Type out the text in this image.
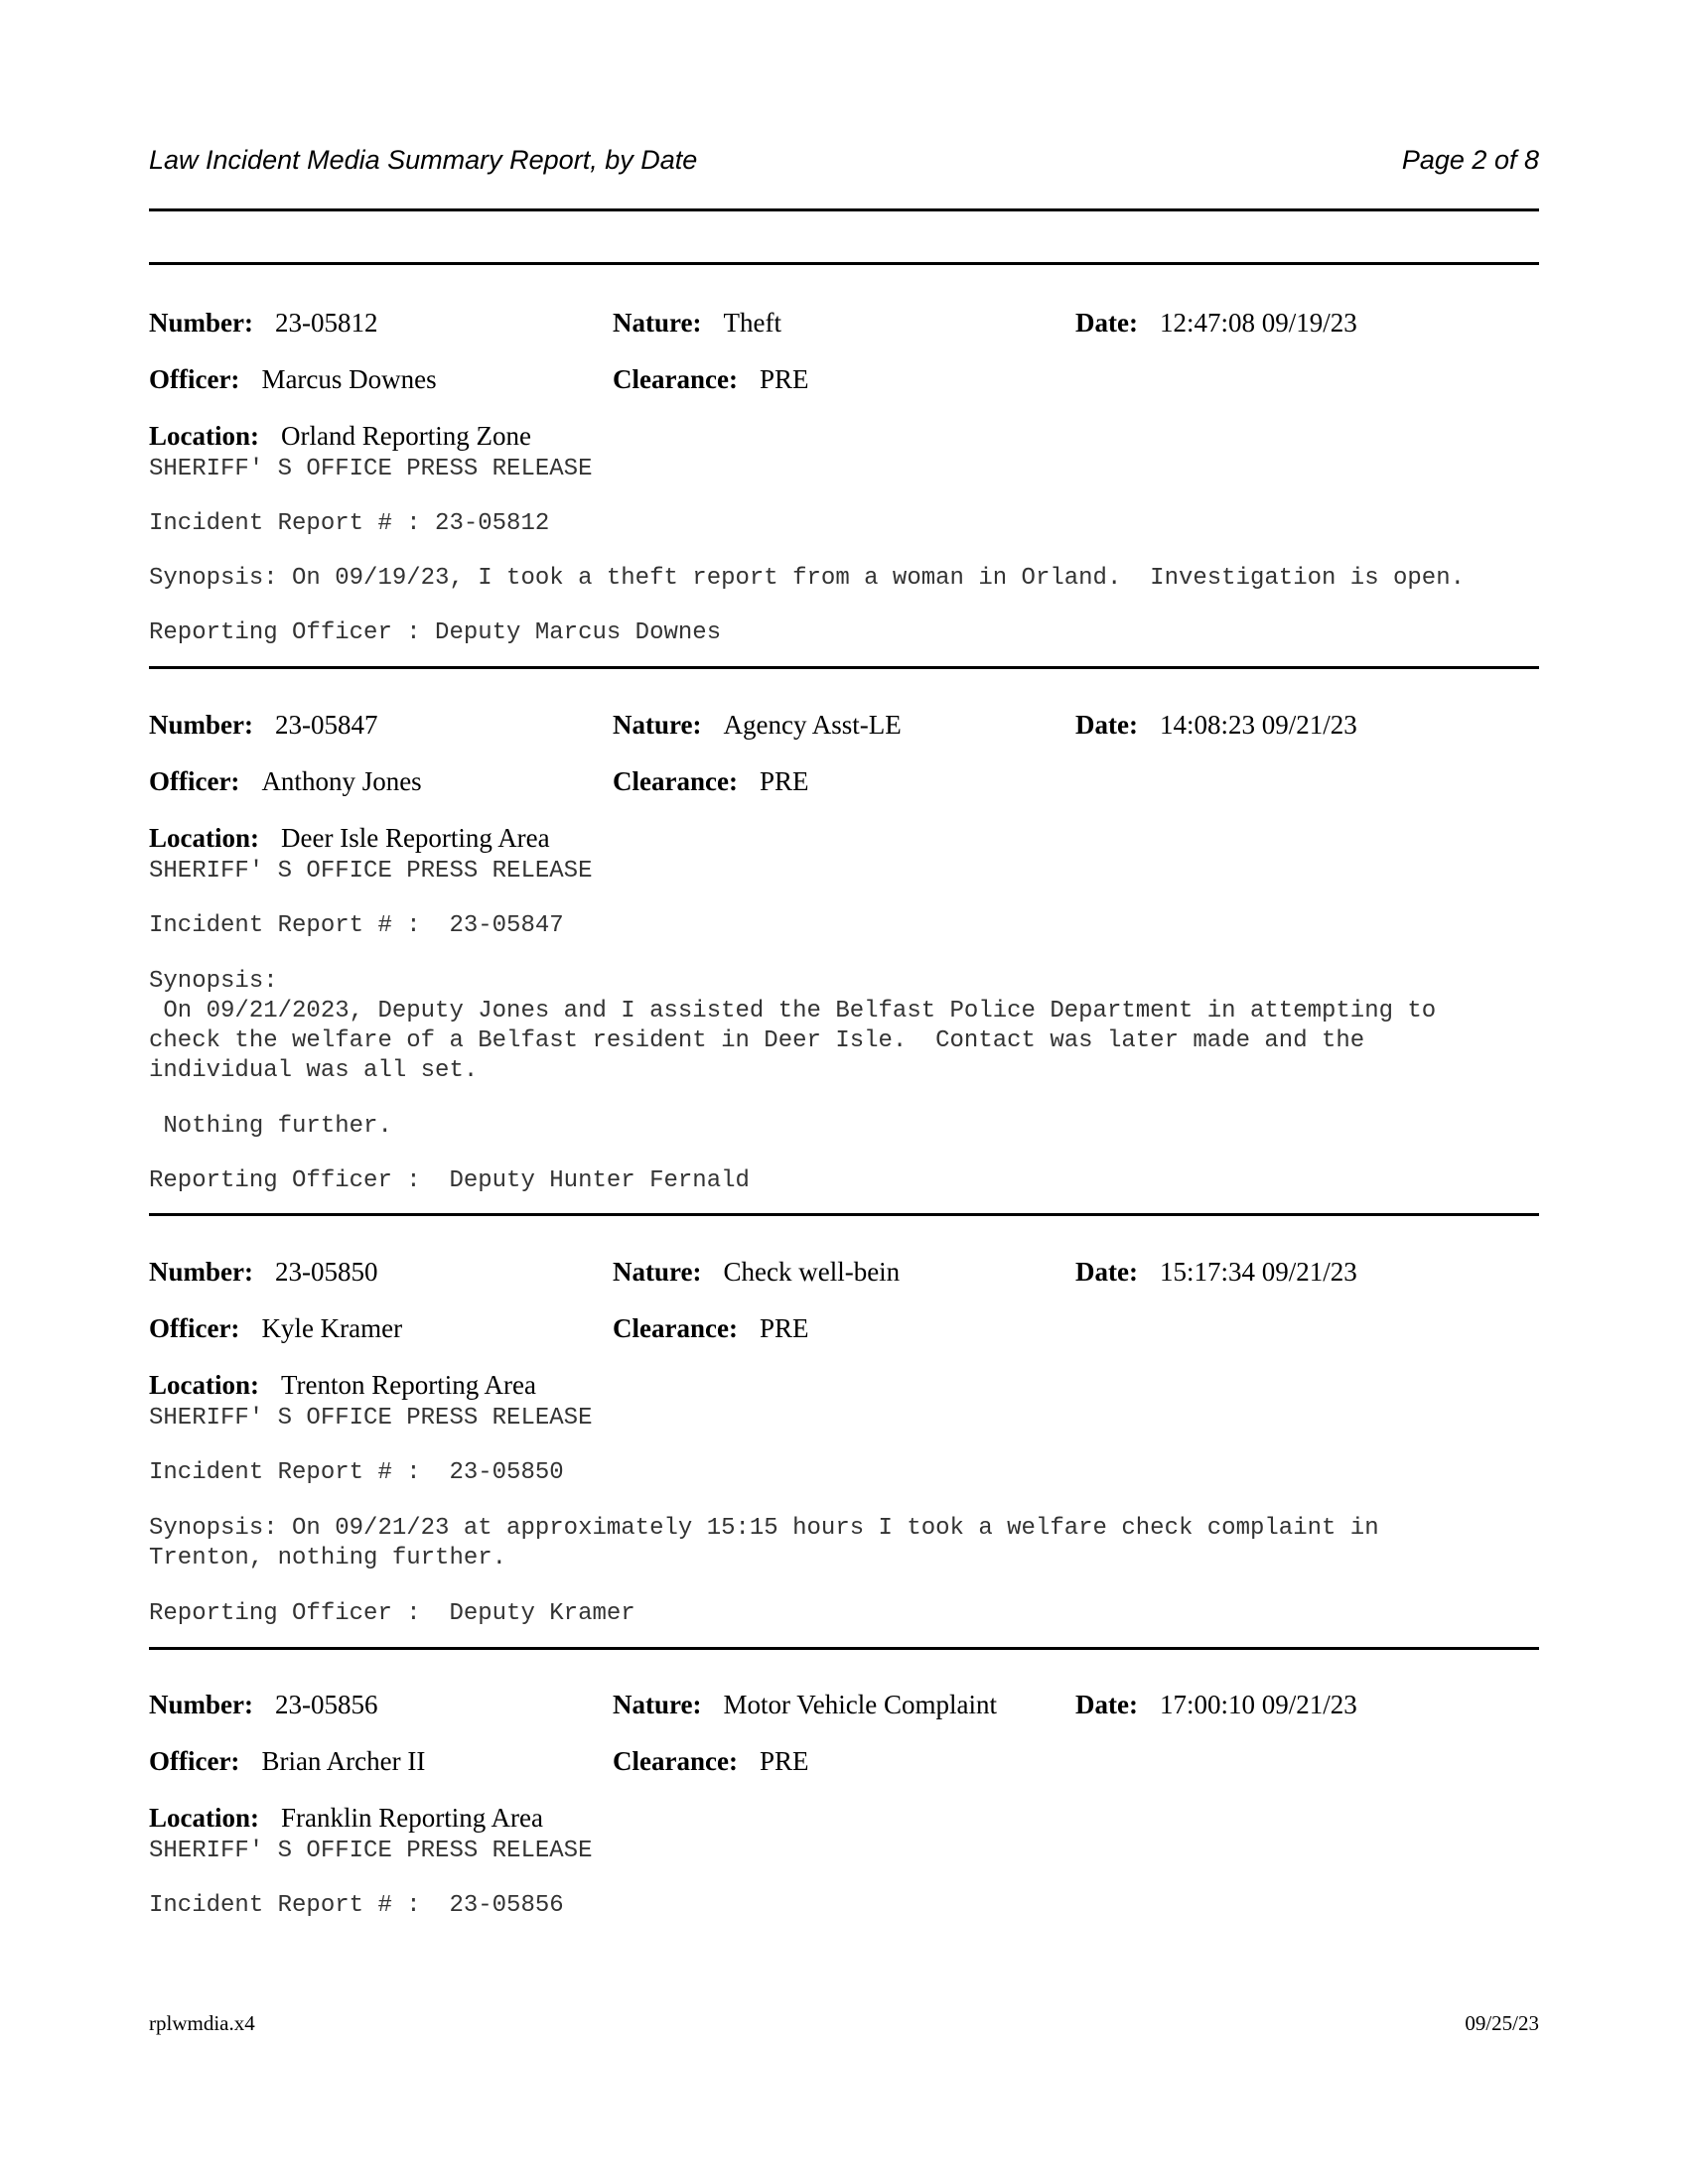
Law Incident Media Summary Report, by Date	Page 2 of 8
Number: 23-05812	Nature: Theft	Date: 12:47:08 09/19/23
Officer: Marcus Downes	Clearance: PRE
Location: Orland Reporting Zone
SHERIFF' S OFFICE PRESS RELEASE
Incident Report # : 23-05812
Synopsis: On 09/19/23, I took a theft report from a woman in Orland.  Investigation is open.
Reporting Officer : Deputy Marcus Downes
Number: 23-05847	Nature: Agency Asst-LE	Date: 14:08:23 09/21/23
Officer: Anthony Jones	Clearance: PRE
Location: Deer Isle Reporting Area
SHERIFF' S OFFICE PRESS RELEASE
Incident Report # :  23-05847
Synopsis:
On 09/21/2023, Deputy Jones and I assisted the Belfast Police Department in attempting to
check the welfare of a Belfast resident in Deer Isle.  Contact was later made and the
individual was all set.
Nothing further.
Reporting Officer :  Deputy Hunter Fernald
Number: 23-05850	Nature: Check well-bein	Date: 15:17:34 09/21/23
Officer: Kyle Kramer	Clearance: PRE
Location: Trenton Reporting Area
SHERIFF' S OFFICE PRESS RELEASE
Incident Report # :  23-05850
Synopsis: On 09/21/23 at approximately 15:15 hours I took a welfare check complaint in
Trenton, nothing further.
Reporting Officer :  Deputy Kramer
Number: 23-05856	Nature: Motor Vehicle Complaint	Date: 17:00:10 09/21/23
Officer: Brian Archer II	Clearance: PRE
Location: Franklin Reporting Area
SHERIFF' S OFFICE PRESS RELEASE
Incident Report # :  23-05856
rplwmdia.x4	09/25/23
